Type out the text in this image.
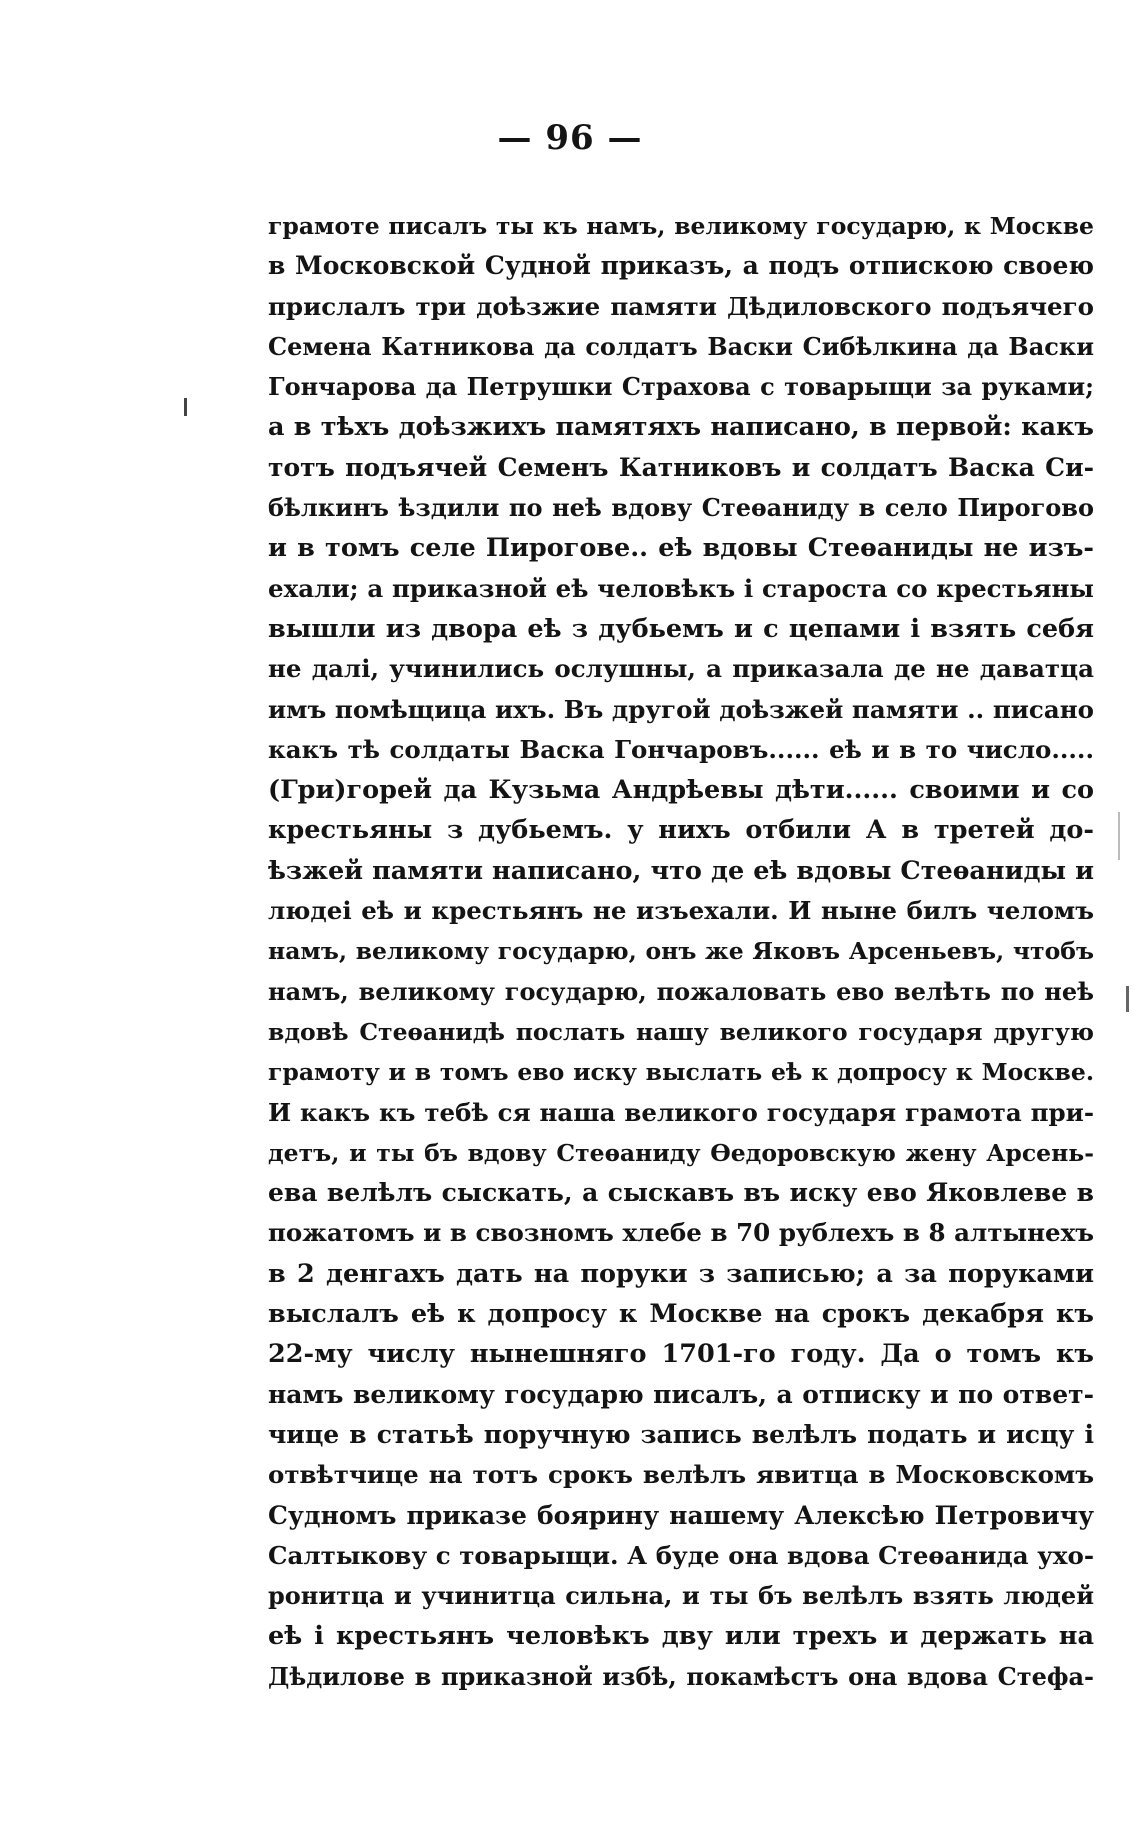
— 96 —
грамоте писалъ ты къ намъ, великому государю, к Москве
в Московской Судной приказъ, а подъ отпискою своею
прислалъ три доѣзжие памяти Дѣдиловского подъячего
Семена Катникова да солдатъ Васки Сибѣлкина да Васки
Гончарова да Петрушки Страхова с товарыщи за руками;
а в тѣхъ доѣзжихъ памятяхъ написано, в первой: какъ
тотъ подъячей Семенъ Катниковъ и солдатъ Васка Си-
бѣлкинъ ѣздили по неѣ вдову Стеѳаниду в село Пирогово
и в томъ селе Пирогове.. еѣ вдовы Стеѳаниды не изъ-
ехали; а приказной еѣ человѣкъ і староста со крестьяны
вышли из двора еѣ з дубьемъ и с цепами і взять себя
не далі, учинились ослушны, а приказала де не даватца
имъ помѣщица ихъ. Въ другой доѣзжей памяти .. писано
какъ тѣ солдаты Васка Гончаровъ...... еѣ и в то число.....
(Гри)горей да Кузьма Андрѣевы дѣти...... своими и со
крестьяны з дубьемъ. у нихъ отбили А в третей до-
ѣзжей памяти написано, что де еѣ вдовы Стеѳаниды и
людеі еѣ и крестьянъ не изъехали. И ныне билъ челомъ
намъ, великому государю, онъ же Яковъ Арсеньевъ, чтобъ
намъ, великому государю, пожаловать ево велѣть по неѣ
вдовѣ Стеѳанидѣ послать нашу великого государя другую
грамоту и в томъ ево иску выслать еѣ к допросу к Москве.
И какъ къ тебѣ ся наша великого государя грамота при-
детъ, и ты бъ вдову Стеѳаниду Ѳедоровскую жену Арсень-
ева велѣлъ сыскать, а сыскавъ въ иску ево Яковлеве в
пожатомъ и в свозномъ хлебе в 70 рублехъ в 8 алтынехъ
в 2 денгахъ дать на поруки з записью; а за поруками
выслалъ еѣ к допросу к Москве на срокъ декабря къ
22-му числу нынешняго 1701-го году. Да о томъ къ
намъ великому государю писалъ, а отписку и по ответ-
чице в статьѣ поручную запись велѣлъ подать и исцу і
отвѣтчице на тотъ срокъ велѣлъ явитца в Московскомъ
Судномъ приказе боярину нашему Алексѣю Петровичу
Салтыкову с товарыщи. А буде она вдова Стеѳанида ухо-
ронитца и учинитца сильна, и ты бъ велѣлъ взять людей
еѣ і крестьянъ человѣкъ дву или трехъ и держать на
Дѣдилове в приказной избѣ, покамѣстъ она вдова Стефа-
